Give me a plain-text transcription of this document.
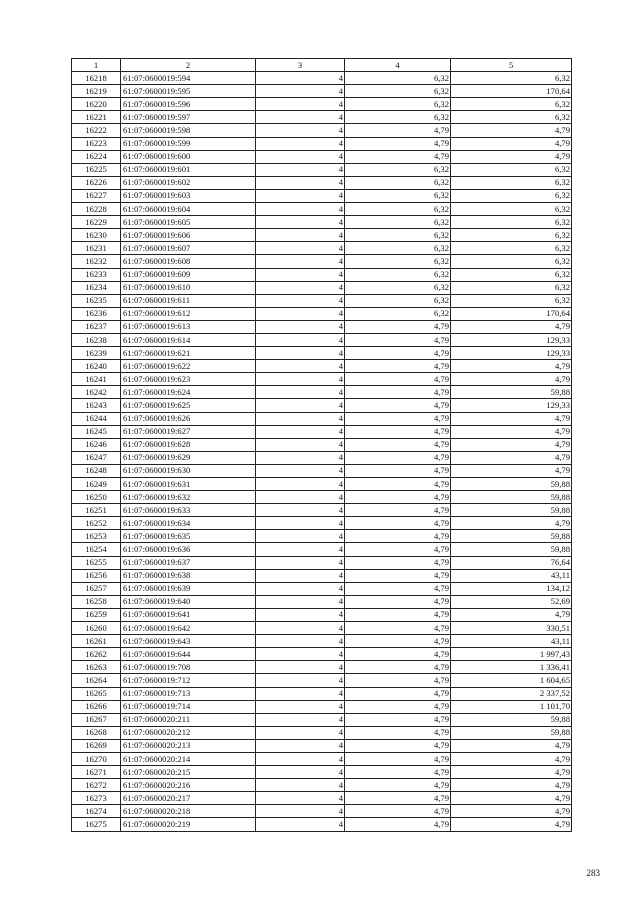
1	2	3	4	5
16218	61:07:0600019:594	4	6,32	6,32
16219	61:07:0600019:595	4	6,32	170,64
16220	61:07:0600019:596	4	6,32	6,32
16221	61:07:0600019:597	4	6,32	6,32
16222	61:07:0600019:598	4	4,79	4,79
16223	61:07:0600019:599	4	4,79	4,79
16224	61:07:0600019:600	4	4,79	4,79
16225	61:07:0600019:601	4	6,32	6,32
16226	61:07:0600019:602	4	6,32	6,32
16227	61:07:0600019:603	4	6,32	6,32
16228	61:07:0600019:604	4	6,32	6,32
16229	61:07:0600019:605	4	6,32	6,32
16230	61:07:0600019:606	4	6,32	6,32
16231	61:07:0600019:607	4	6,32	6,32
16232	61:07:0600019:608	4	6,32	6,32
16233	61:07:0600019:609	4	6,32	6,32
16234	61:07:0600019:610	4	6,32	6,32
16235	61:07:0600019:611	4	6,32	6,32
16236	61:07:0600019:612	4	6,32	170,64
16237	61:07:0600019:613	4	4,79	4,79
16238	61:07:0600019:614	4	4,79	129,33
16239	61:07:0600019:621	4	4,79	129,33
16240	61:07:0600019:622	4	4,79	4,79
16241	61:07:0600019:623	4	4,79	4,79
16242	61:07:0600019:624	4	4,79	59,88
16243	61:07:0600019:625	4	4,79	129,33
16244	61:07:0600019:626	4	4,79	4,79
16245	61:07:0600019:627	4	4,79	4,79
16246	61:07:0600019:628	4	4,79	4,79
16247	61:07:0600019:629	4	4,79	4,79
16248	61:07:0600019:630	4	4,79	4,79
16249	61:07:0600019:631	4	4,79	59,88
16250	61:07:0600019:632	4	4,79	59,88
16251	61:07:0600019:633	4	4,79	59,88
16252	61:07:0600019:634	4	4,79	4,79
16253	61:07:0600019:635	4	4,79	59,88
16254	61:07:0600019:636	4	4,79	59,88
16255	61:07:0600019:637	4	4,79	76,64
16256	61:07:0600019:638	4	4,79	43,11
16257	61:07:0600019:639	4	4,79	134,12
16258	61:07:0600019:640	4	4,79	52,69
16259	61:07:0600019:641	4	4,79	4,79
16260	61:07:0600019:642	4	4,79	330,51
16261	61:07:0600019:643	4	4,79	43,11
16262	61:07:0600019:644	4	4,79	1 997,43
16263	61:07:0600019:708	4	4,79	1 336,41
16264	61:07:0600019:712	4	4,79	1 604,65
16265	61:07:0600019:713	4	4,79	2 337,52
16266	61:07:0600019:714	4	4,79	1 101,70
16267	61:07:0600020:211	4	4,79	59,88
16268	61:07:0600020:212	4	4,79	59,88
16269	61:07:0600020:213	4	4,79	4,79
16270	61:07:0600020:214	4	4,79	4,79
16271	61:07:0600020:215	4	4,79	4,79
16272	61:07:0600020:216	4	4,79	4,79
16273	61:07:0600020:217	4	4,79	4,79
16274	61:07:0600020:218	4	4,79	4,79
16275	61:07:0600020:219	4	4,79	4,79
283
